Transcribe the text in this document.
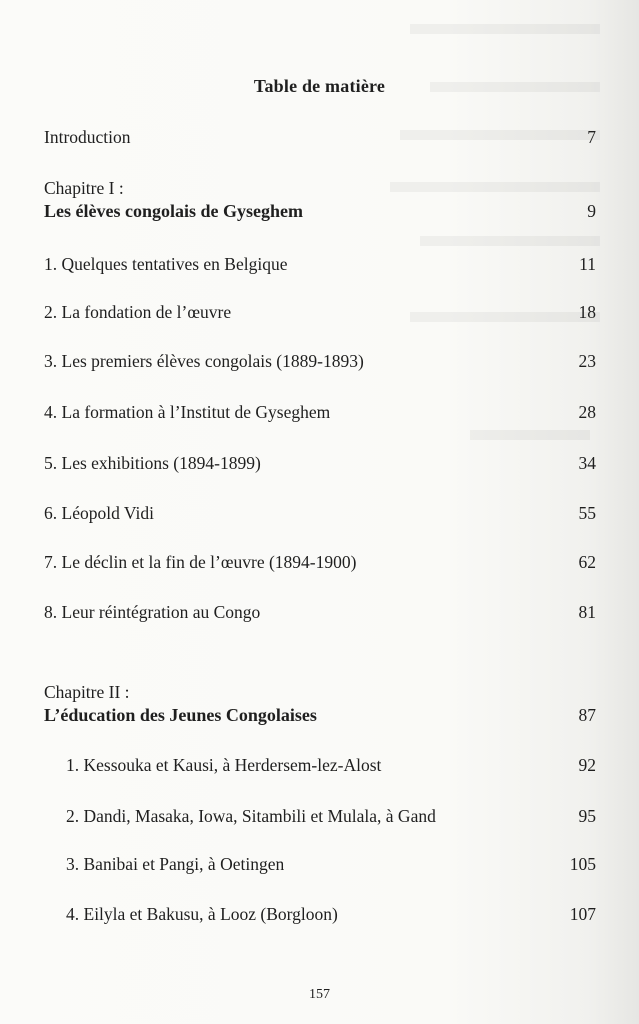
Table de matière
Introduction	7
Chapitre I :
Les élèves congolais de Gyseghem	9
1. Quelques tentatives en Belgique	11
2. La fondation de l’œuvre	18
3. Les premiers élèves congolais (1889-1893)	23
4. La formation à l’Institut de Gyseghem	28
5. Les exhibitions (1894-1899)	34
6. Léopold Vidi	55
7. Le déclin et la fin de l’œuvre (1894-1900)	62
8. Leur réintégration au Congo	81
Chapitre II :
L’éducation des Jeunes Congolaises	87
1. Kessouka et Kausi, à Herdersem-lez-Alost	92
2. Dandi, Masaka, Iowa, Sitambili et Mulala, à Gand	95
3. Banibai et Pangi, à Oetingen	105
4. Eilyla et Bakusu, à Looz (Borgloon)	107
157
